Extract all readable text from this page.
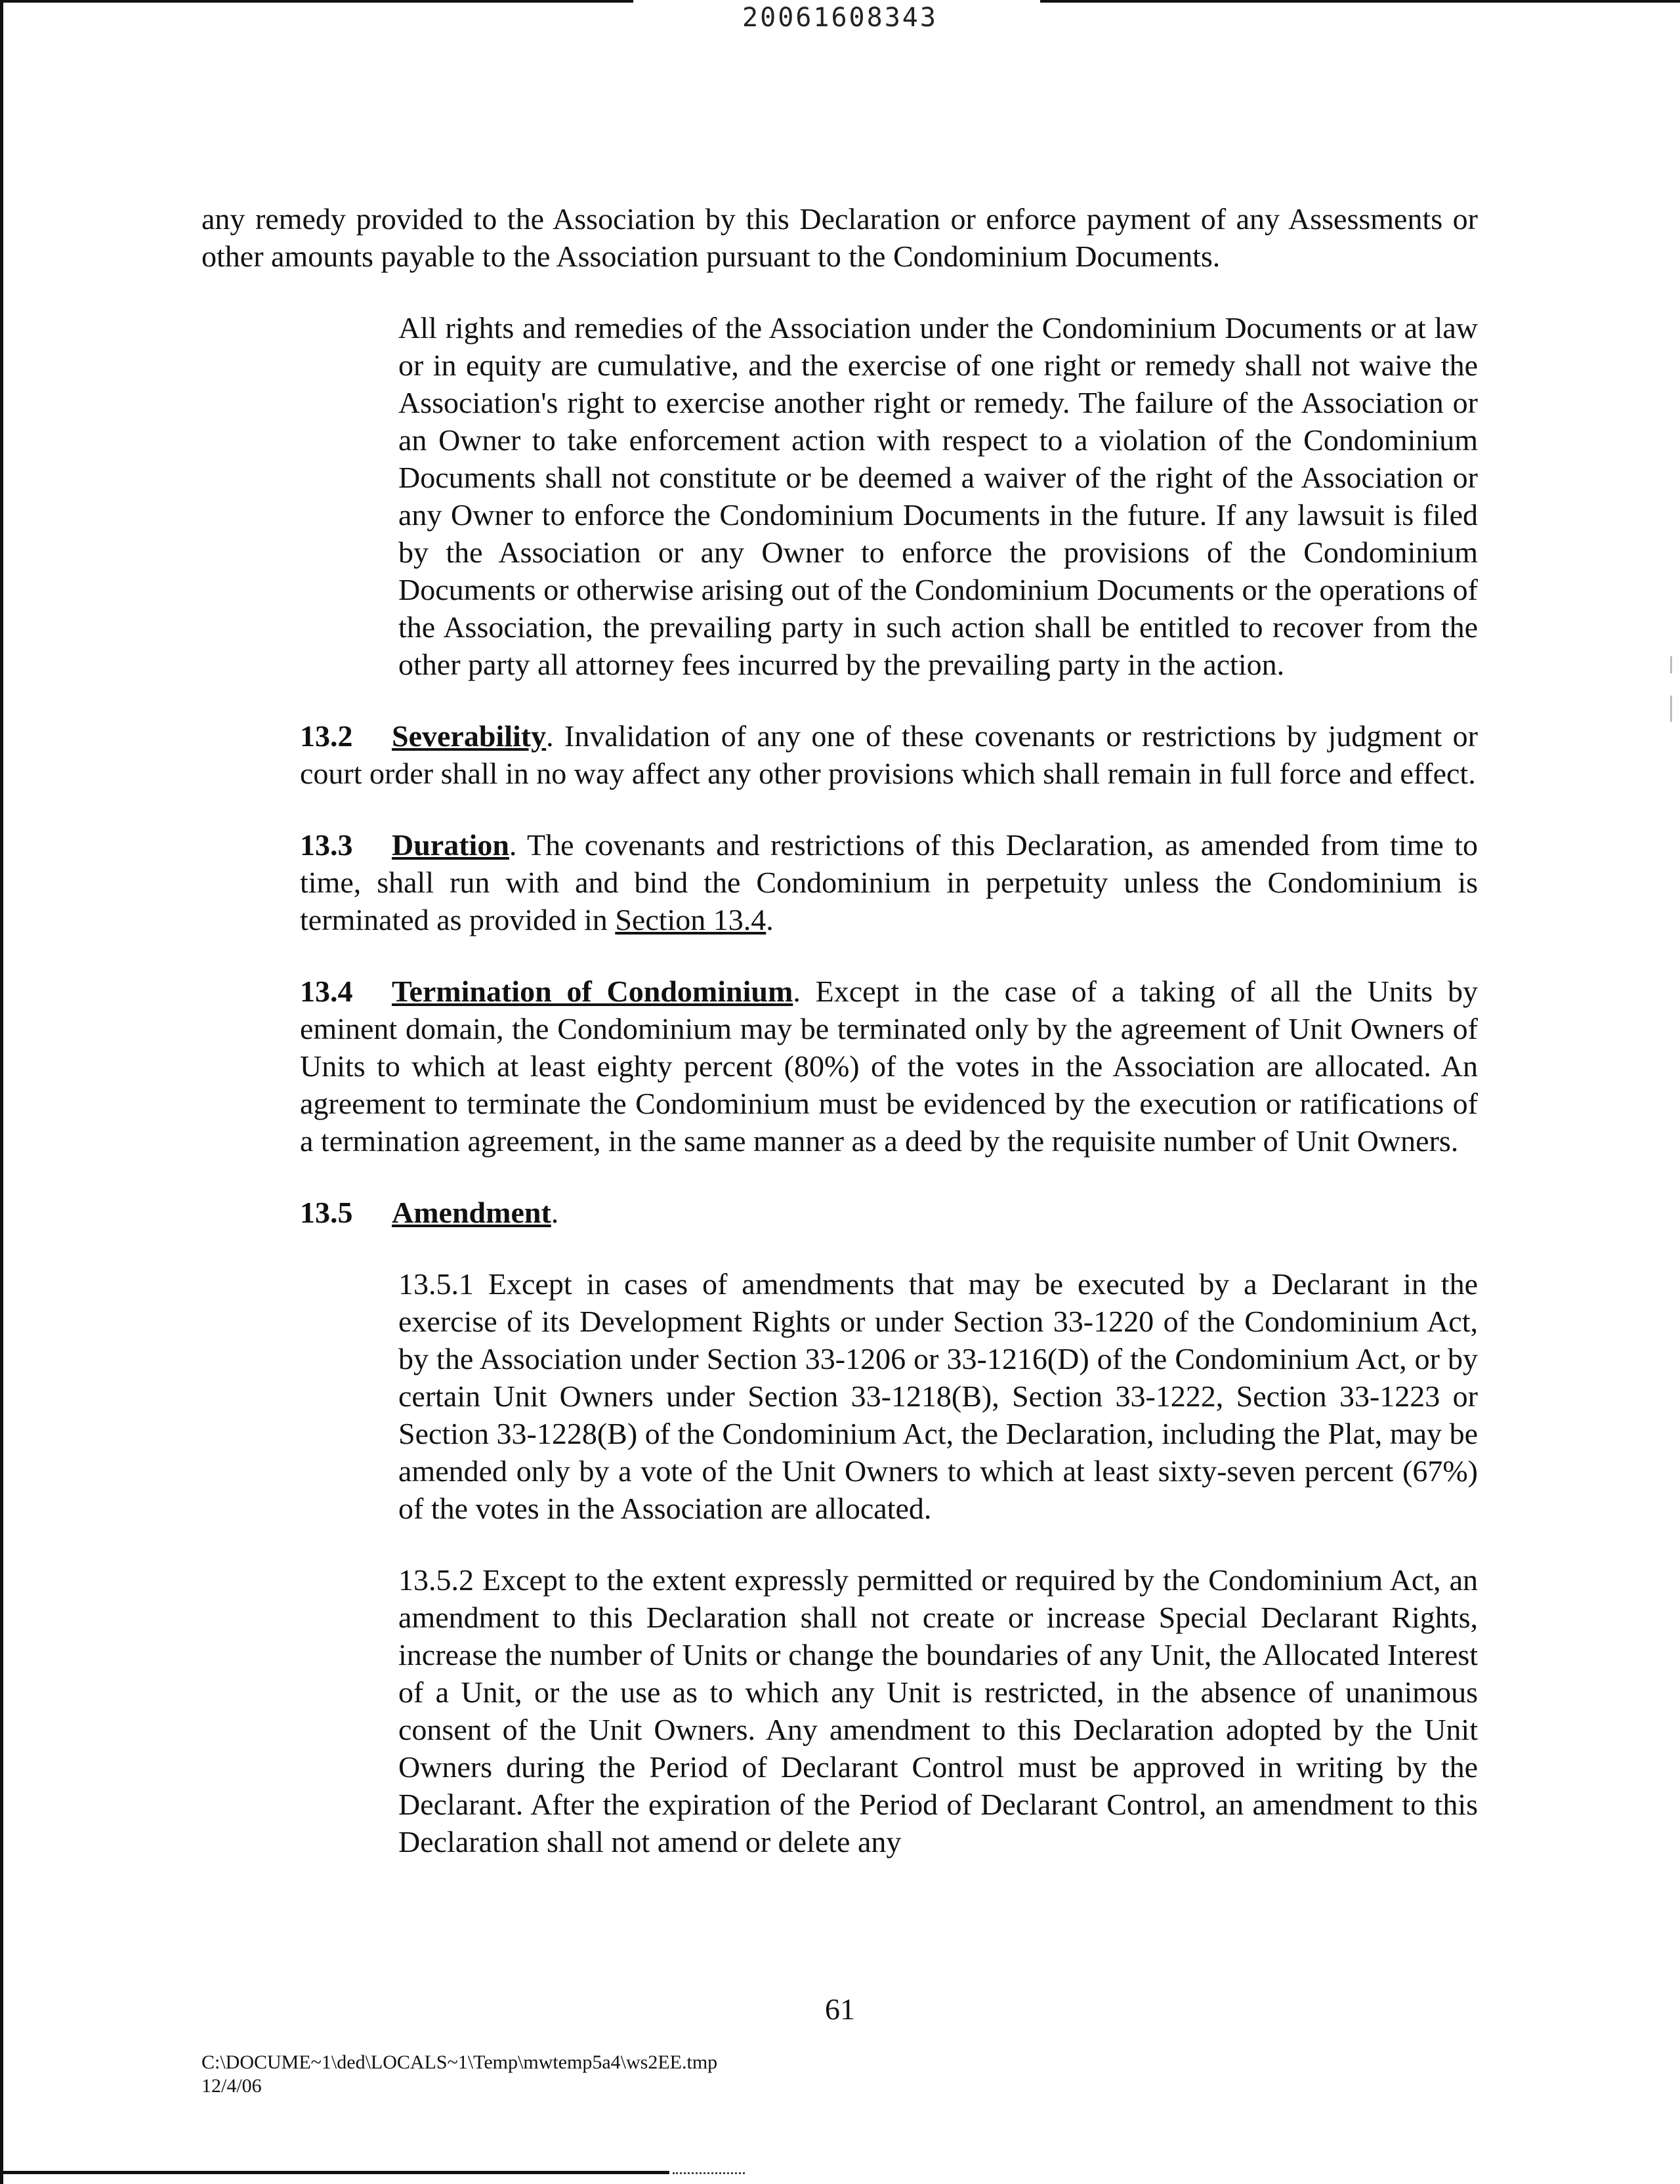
20061608343

any remedy provided to the Association by this Declaration or enforce payment of any Assessments or other amounts payable to the Association pursuant to the Condominium Documents.

All rights and remedies of the Association under the Condominium Documents or at law or in equity are cumulative, and the exercise of one right or remedy shall not waive the Association's right to exercise another right or remedy. The failure of the Association or an Owner to take enforcement action with respect to a violation of the Condominium Documents shall not constitute or be deemed a waiver of the right of the Association or any Owner to enforce the Condominium Documents in the future. If any lawsuit is filed by the Association or any Owner to enforce the provisions of the Condominium Documents or otherwise arising out of the Condominium Documents or the operations of the Association, the prevailing party in such action shall be entitled to recover from the other party all attorney fees incurred by the prevailing party in the action.

13.2 Severability. Invalidation of any one of these covenants or restrictions by judgment or court order shall in no way affect any other provisions which shall remain in full force and effect.

13.3 Duration. The covenants and restrictions of this Declaration, as amended from time to time, shall run with and bind the Condominium in perpetuity unless the Condominium is terminated as provided in Section 13.4.

13.4 Termination of Condominium. Except in the case of a taking of all the Units by eminent domain, the Condominium may be terminated only by the agreement of Unit Owners of Units to which at least eighty percent (80%) of the votes in the Association are allocated. An agreement to terminate the Condominium must be evidenced by the execution or ratifications of a termination agreement, in the same manner as a deed by the requisite number of Unit Owners.

13.5 Amendment.

13.5.1 Except in cases of amendments that may be executed by a Declarant in the exercise of its Development Rights or under Section 33-1220 of the Condominium Act, by the Association under Section 33-1206 or 33-1216(D) of the Condominium Act, or by certain Unit Owners under Section 33-1218(B), Section 33-1222, Section 33-1223 or Section 33-1228(B) of the Condominium Act, the Declaration, including the Plat, may be amended only by a vote of the Unit Owners to which at least sixty-seven percent (67%) of the votes in the Association are allocated.

13.5.2 Except to the extent expressly permitted or required by the Condominium Act, an amendment to this Declaration shall not create or increase Special Declarant Rights, increase the number of Units or change the boundaries of any Unit, the Allocated Interest of a Unit, or the use as to which any Unit is restricted, in the absence of unanimous consent of the Unit Owners. Any amendment to this Declaration adopted by the Unit Owners during the Period of Declarant Control must be approved in writing by the Declarant. After the expiration of the Period of Declarant Control, an amendment to this Declaration shall not amend or delete any

61
C:\DOCUME~1\ded\LOCALS~1\Temp\mwtemp5a4\ws2EE.tmp
12/4/06
